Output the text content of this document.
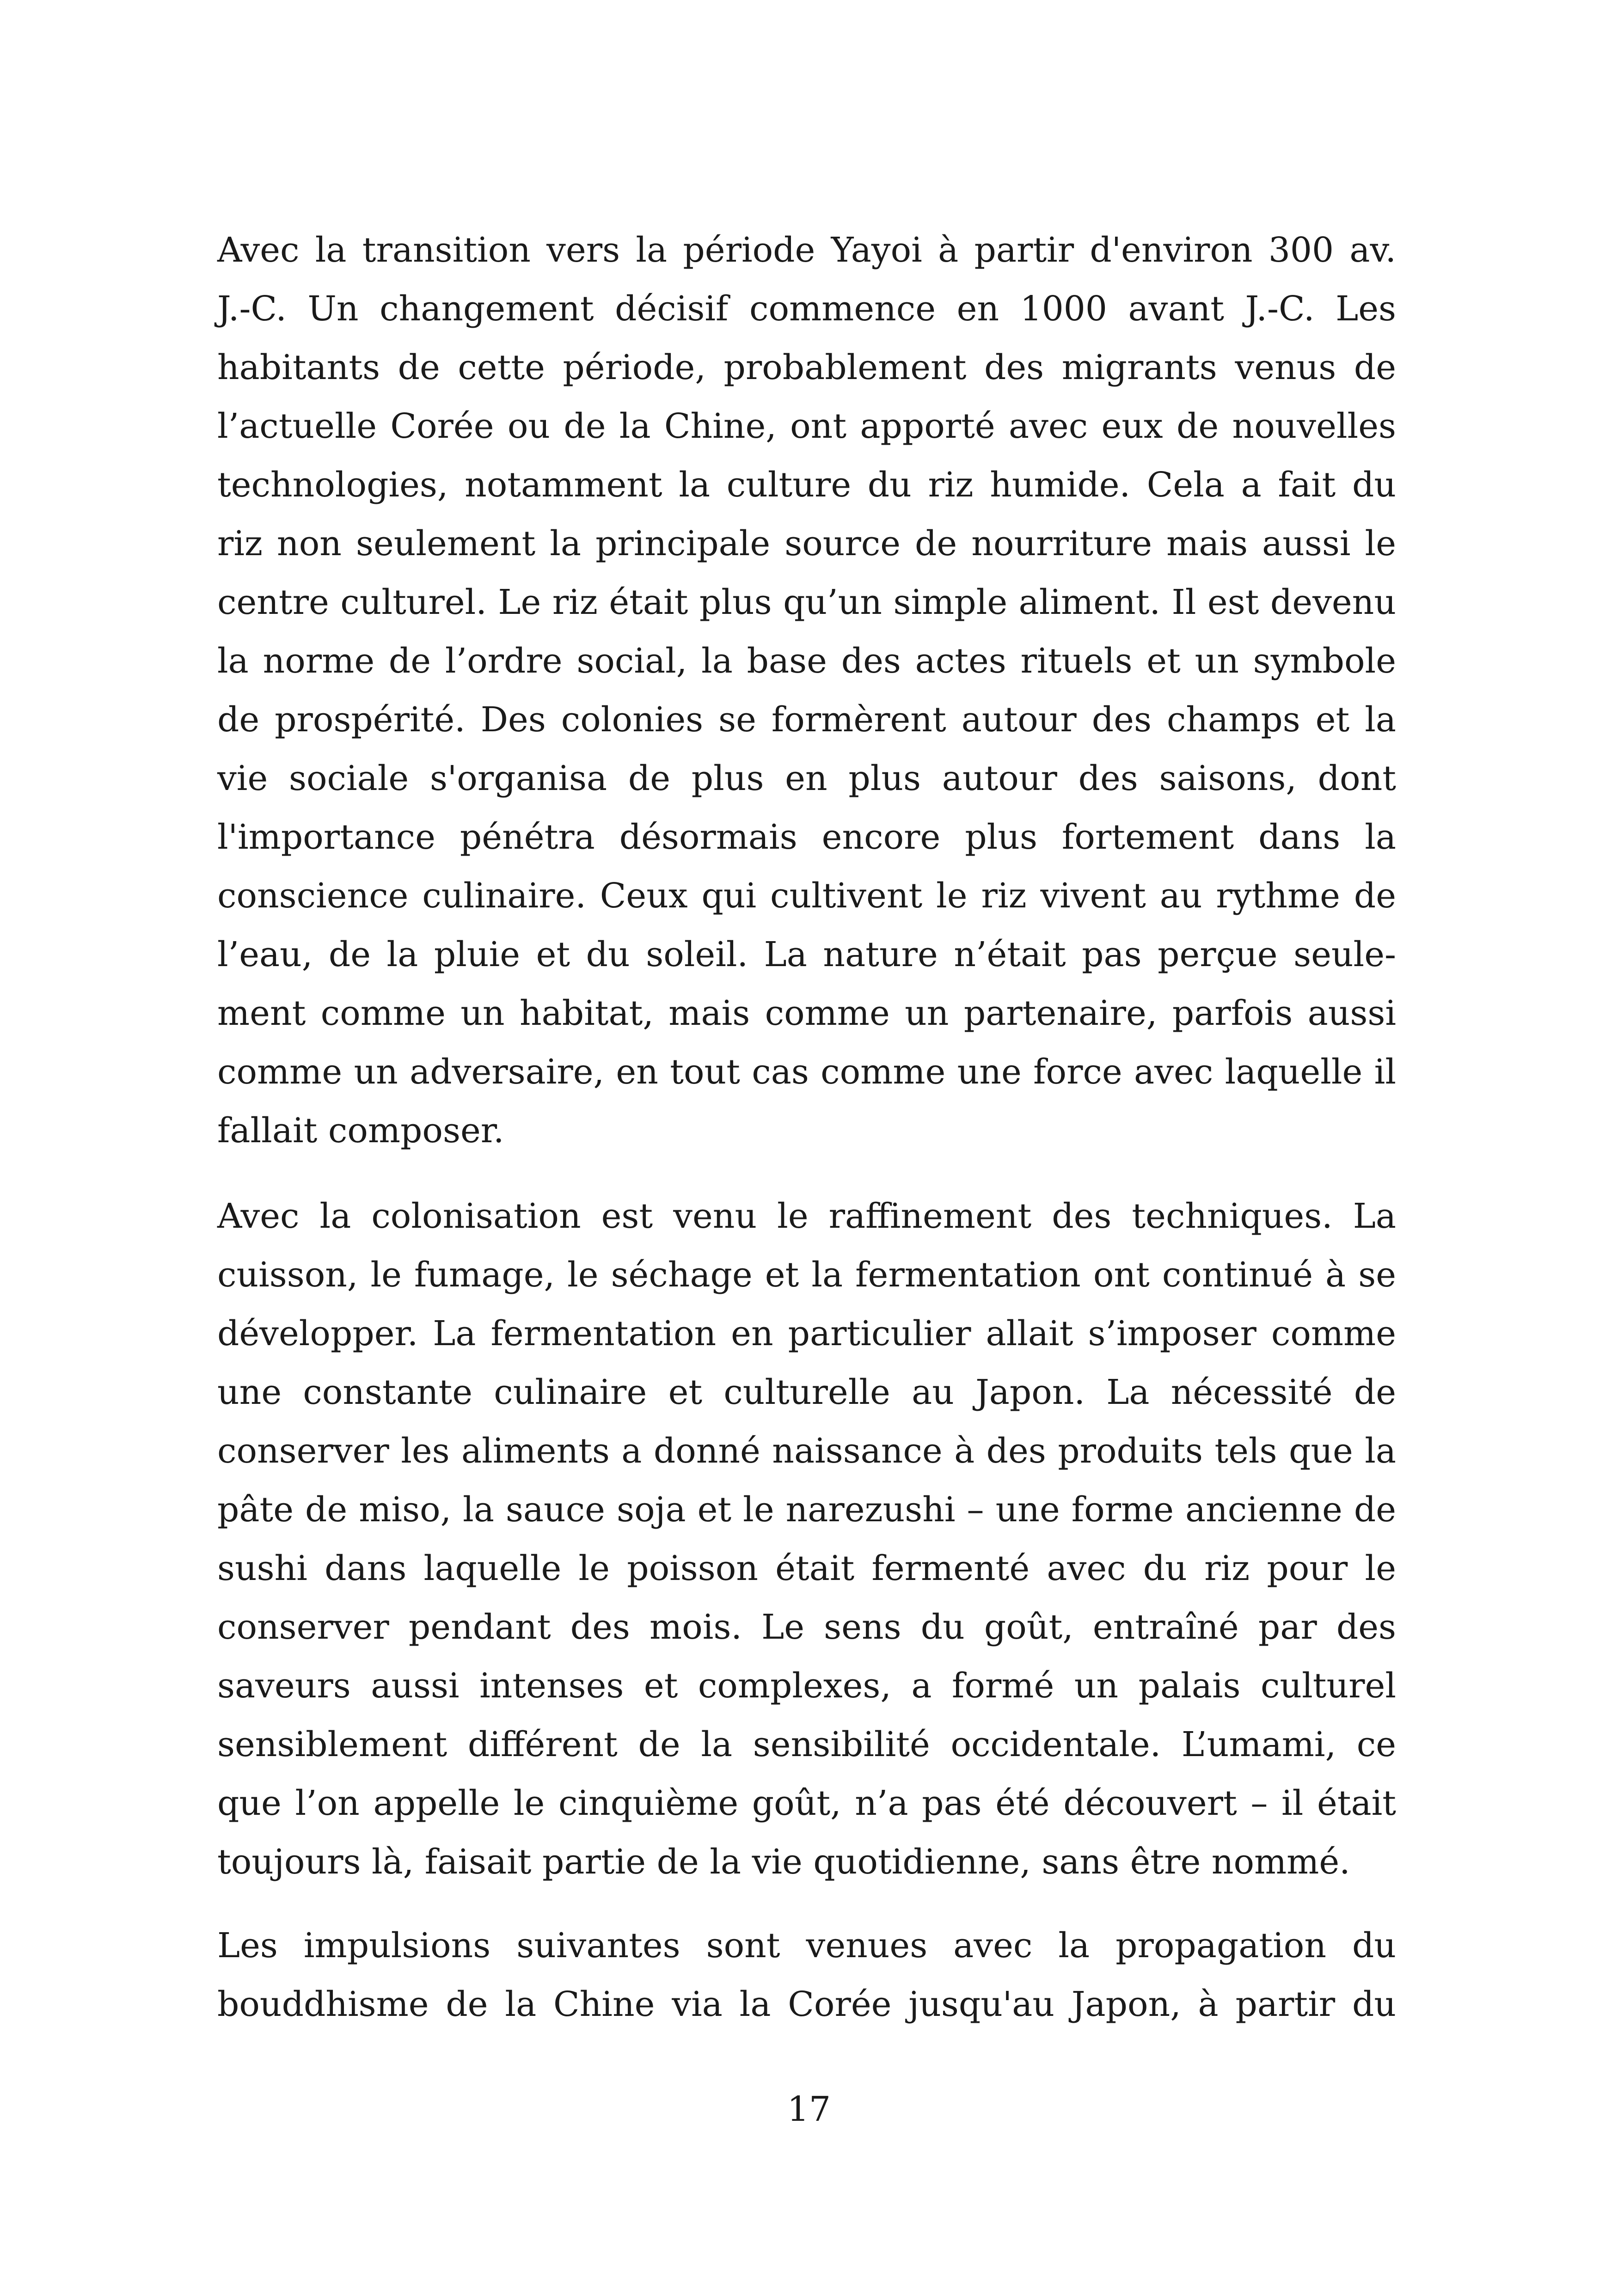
Avec la transition vers la période Yayoi à partir d'environ 300 av.
J.-C. Un changement décisif commence en 1000 avant J.-C. Les
habitants de cette période, probablement des migrants venus de
l’actuelle Corée ou de la Chine, ont apporté avec eux de nouvelles
technologies, notamment la culture du riz humide. Cela a fait du
riz non seulement la principale source de nourriture mais aussi le
centre culturel. Le riz était plus qu’un simple aliment. Il est devenu
la norme de l’ordre social, la base des actes rituels et un symbole
de prospérité. Des colonies se formèrent autour des champs et la
vie sociale s'organisa de plus en plus autour des saisons, dont
l'importance pénétra désormais encore plus fortement dans la
conscience culinaire. Ceux qui cultivent le riz vivent au rythme de
l’eau, de la pluie et du soleil. La nature n’était pas perçue seule-
ment comme un habitat, mais comme un partenaire, parfois aussi
comme un adversaire, en tout cas comme une force avec laquelle il
fallait composer.
Avec la colonisation est venu le raffinement des techniques. La
cuisson, le fumage, le séchage et la fermentation ont continué à se
développer. La fermentation en particulier allait s’imposer comme
une constante culinaire et culturelle au Japon. La nécessité de
conserver les aliments a donné naissance à des produits tels que la
pâte de miso, la sauce soja et le narezushi – une forme ancienne de
sushi dans laquelle le poisson était fermenté avec du riz pour le
conserver pendant des mois. Le sens du goût, entraîné par des
saveurs aussi intenses et complexes, a formé un palais culturel
sensiblement différent de la sensibilité occidentale. L’umami, ce
que l’on appelle le cinquième goût, n’a pas été découvert – il était
toujours là, faisait partie de la vie quotidienne, sans être nommé.
Les impulsions suivantes sont venues avec la propagation du
bouddhisme de la Chine via la Corée jusqu'au Japon, à partir du
17
